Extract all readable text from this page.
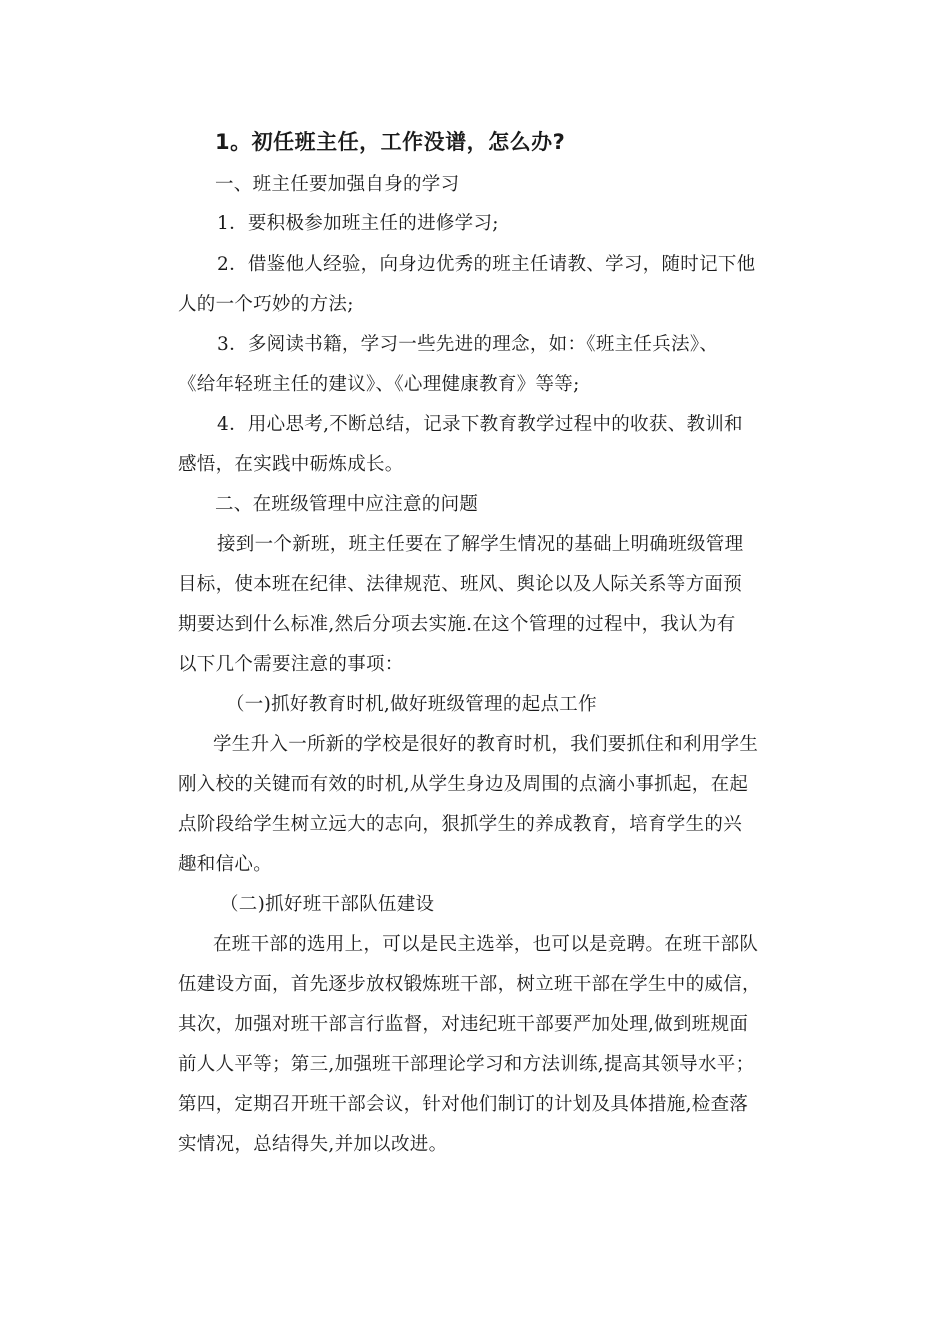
1。初任班主任，工作没谱，怎么办?
一、班主任要加强自身的学习
1．要积极参加班主任的进修学习;
2．借鉴他人经验，向身边优秀的班主任请教、学习，随时记下他
人的一个巧妙的方法;
3．多阅读书籍，学习一些先进的理念，如：《班主任兵法》、
《给年轻班主任的建议》、《心理健康教育》等等;
4．用心思考,不断总结，记录下教育教学过程中的收获、教训和
感悟，在实践中砺炼成长。
二、在班级管理中应注意的问题
接到一个新班，班主任要在了解学生情况的基础上明确班级管理
目标，使本班在纪律、法律规范、班风、舆论以及人际关系等方面预
期要达到什么标准,然后分项去实施.在这个管理的过程中，我认为有
以下几个需要注意的事项：
（一)抓好教育时机,做好班级管理的起点工作
学生升入一所新的学校是很好的教育时机，我们要抓住和利用学生
刚入校的关键而有效的时机,从学生身边及周围的点滴小事抓起，在起
点阶段给学生树立远大的志向，狠抓学生的养成教育，培育学生的兴
趣和信心。
（二)抓好班干部队伍建设
在班干部的选用上，可以是民主选举，也可以是竞聘。在班干部队
伍建设方面，首先逐步放权锻炼班干部，树立班干部在学生中的威信，
其次，加强对班干部言行监督，对违纪班干部要严加处理,做到班规面
前人人平等；第三,加强班干部理论学习和方法训练,提高其领导水平；
第四，定期召开班干部会议，针对他们制订的计划及具体措施,检查落
实情况，总结得失,并加以改进。
